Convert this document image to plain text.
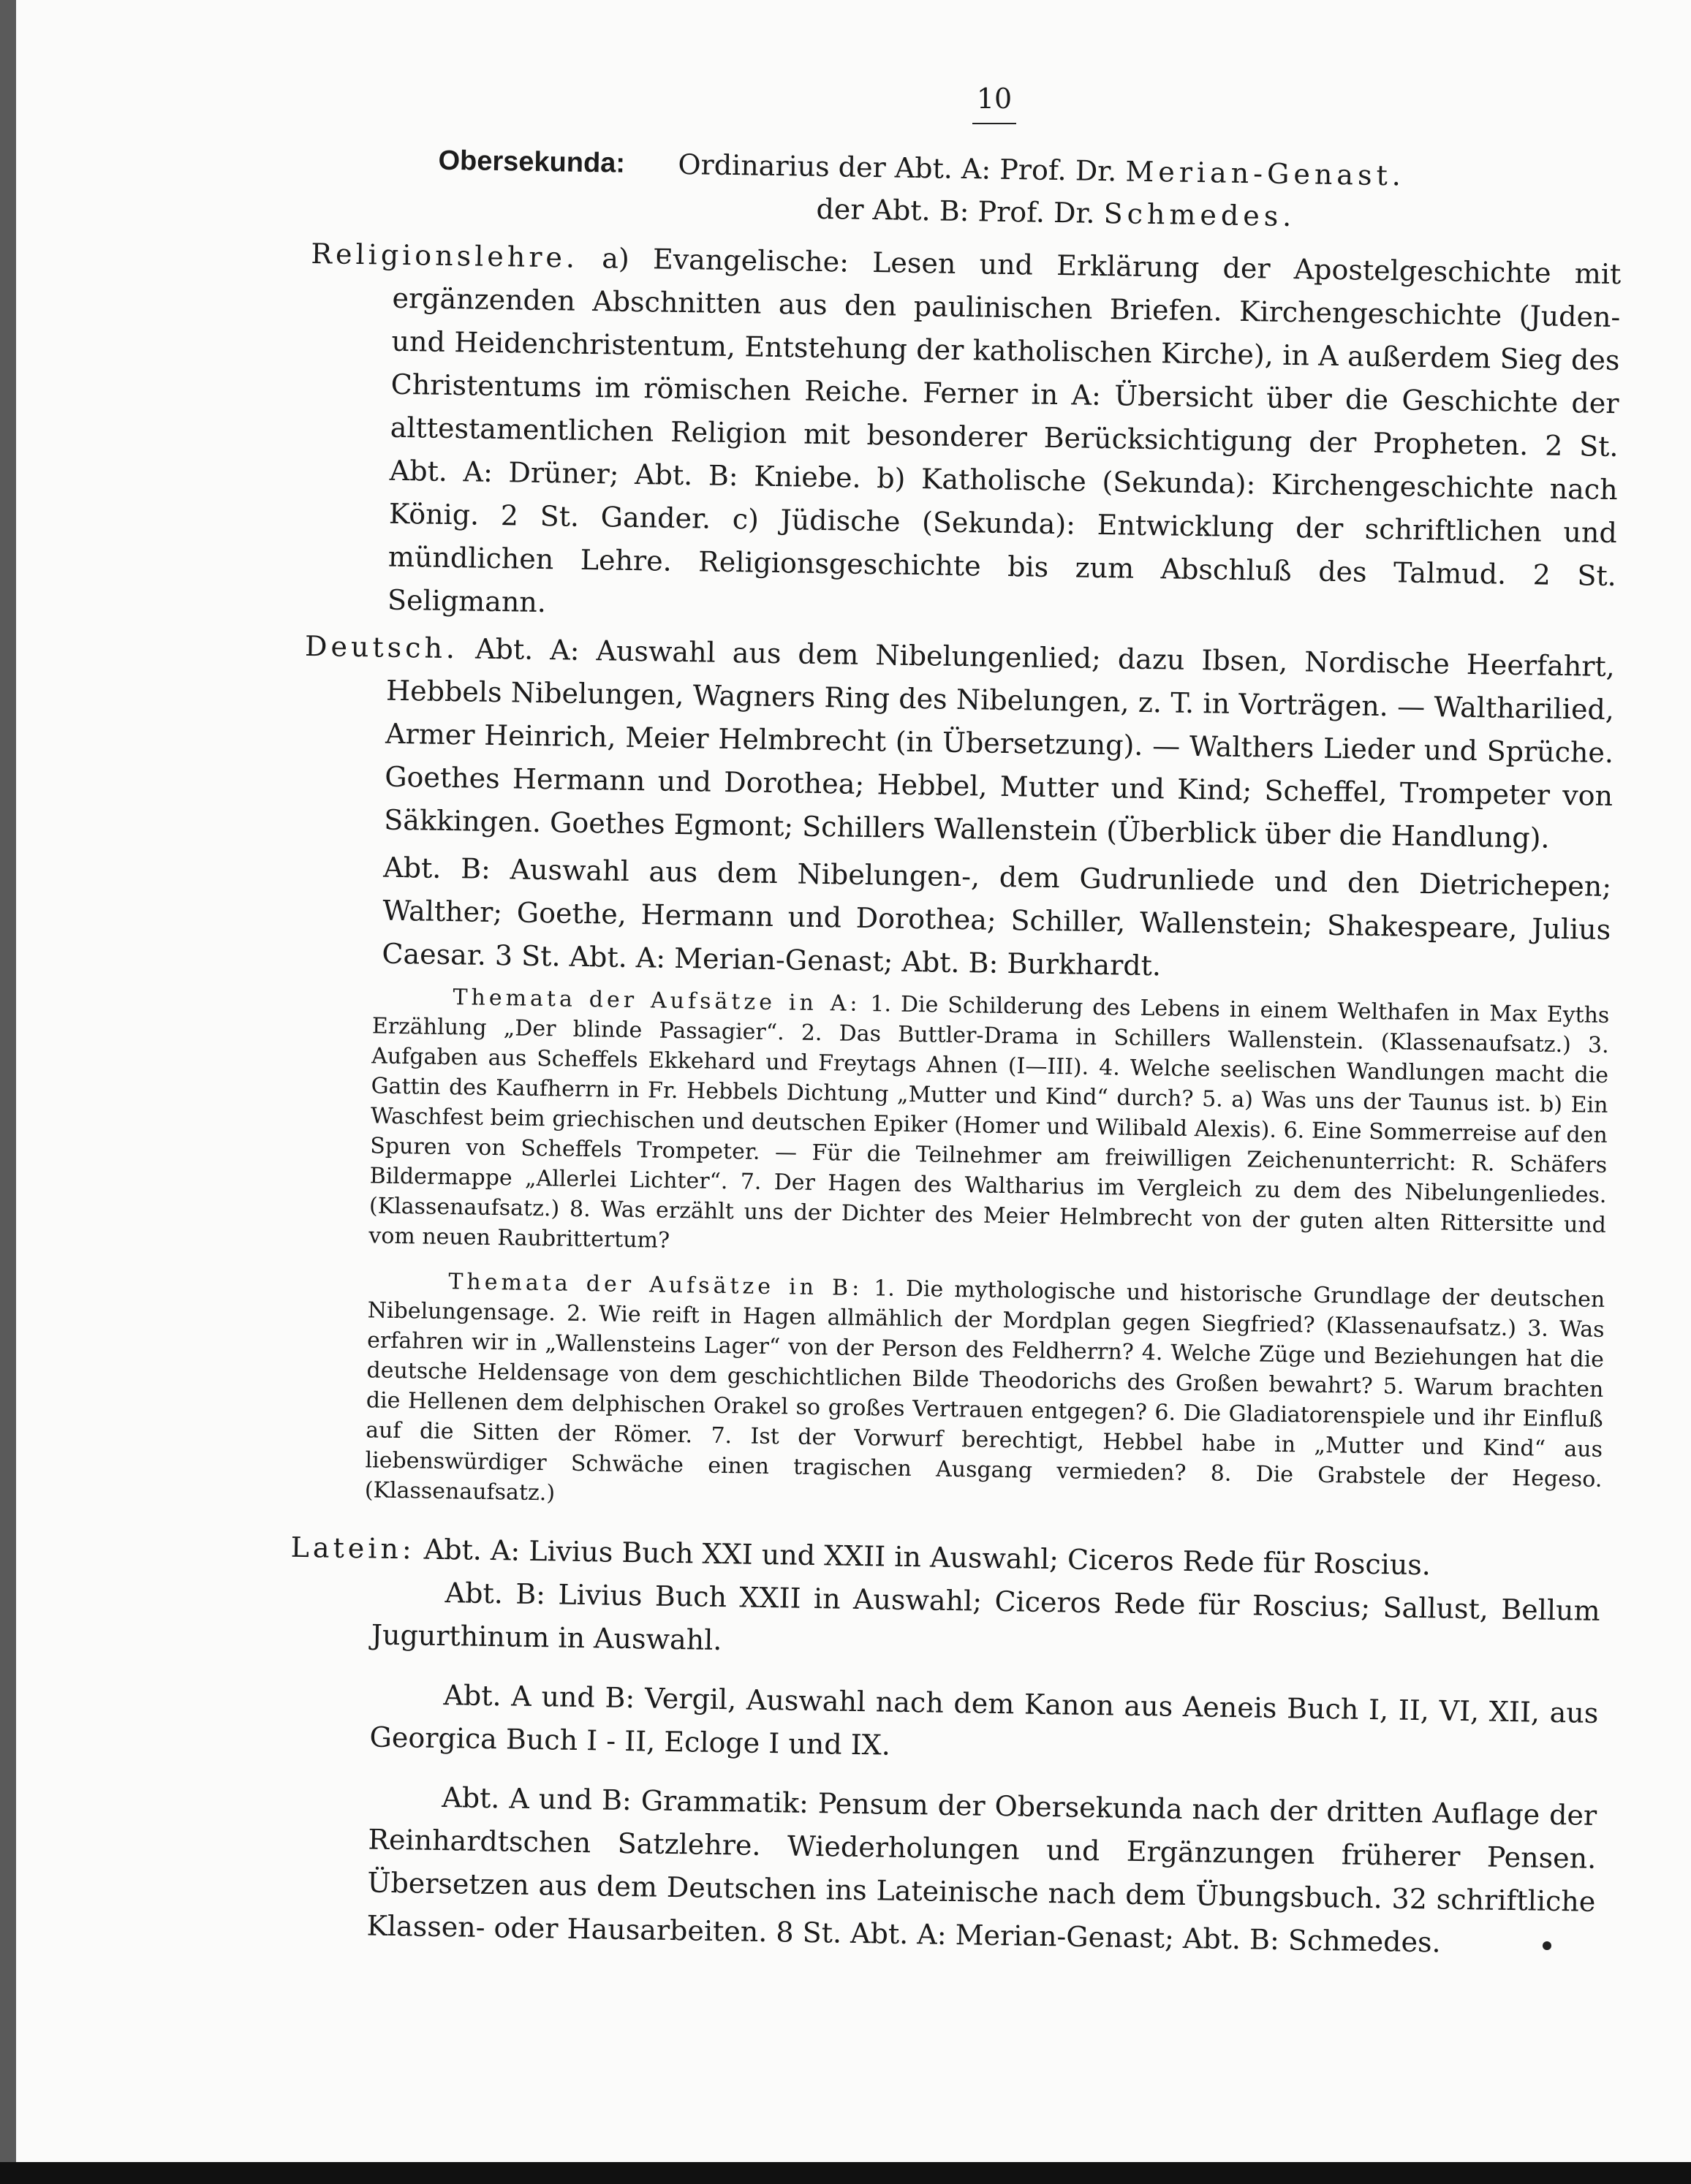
10
Obersekunda: Ordinarius der Abt. A: Prof. Dr. Merian-Genast.
der Abt. B: Prof. Dr. Schmedes.

Religionslehre. a) Evangelische: Lesen und Erklärung der Apostelgeschichte mit ergänzenden Abschnitten aus den paulinischen Briefen. Kirchengeschichte (Juden- und Heidenchristentum, Entstehung der katholischen Kirche), in A außerdem Sieg des Christentums im römischen Reiche. Ferner in A: Übersicht über die Geschichte der alttestamentlichen Religion mit besonderer Berücksichtigung der Propheten. 2 St. Abt. A: Drüner; Abt. B: Kniebe. b) Katholische (Sekunda): Kirchengeschichte nach König. 2 St. Gander. c) Jüdische (Sekunda): Entwicklung der schriftlichen und mündlichen Lehre. Religionsgeschichte bis zum Abschluß des Talmud. 2 St. Seligmann.

Deutsch. Abt. A: Auswahl aus dem Nibelungenlied; dazu Ibsen, Nordische Heerfahrt, Hebbels Nibelungen, Wagners Ring des Nibelungen, z. T. in Vorträgen. — Waltharilied, Armer Heinrich, Meier Helmbrecht (in Übersetzung). — Walthers Lieder und Sprüche. Goethes Hermann und Dorothea; Hebbel, Mutter und Kind; Scheffel, Trompeter von Säkkingen. Goethes Egmont; Schillers Wallenstein (Überblick über die Handlung).

Abt. B: Auswahl aus dem Nibelungen-, dem Gudrunliede und den Dietrichepen; Walther; Goethe, Hermann und Dorothea; Schiller, Wallenstein; Shakespeare, Julius Caesar. 3 St. Abt. A: Merian-Genast; Abt. B: Burkhardt.

Themata der Aufsätze in A: 1. Die Schilderung des Lebens in einem Welthafen in Max Eyths Erzählung „Der blinde Passagier“. 2. Das Buttler-Drama in Schillers Wallenstein. (Klassenaufsatz.) 3. Aufgaben aus Scheffels Ekkehard und Freytags Ahnen (I—III). 4. Welche seelischen Wandlungen macht die Gattin des Kaufherrn in Fr. Hebbels Dichtung „Mutter und Kind“ durch? 5. a) Was uns der Taunus ist. b) Ein Waschfest beim griechischen und deutschen Epiker (Homer und Wilibald Alexis). 6. Eine Sommerreise auf den Spuren von Scheffels Trompeter. — Für die Teilnehmer am freiwilligen Zeichenunterricht: R. Schäfers Bildermappe „Allerlei Lichter“. 7. Der Hagen des Waltharius im Vergleich zu dem des Nibelungenliedes. (Klassenaufsatz.) 8. Was erzählt uns der Dichter des Meier Helmbrecht von der guten alten Rittersitte und vom neuen Raubrittertum?

Themata der Aufsätze in B: 1. Die mythologische und historische Grundlage der deutschen Nibelungensage. 2. Wie reift in Hagen allmählich der Mordplan gegen Siegfried? (Klassenaufsatz.) 3. Was erfahren wir in „Wallensteins Lager“ von der Person des Feldherrn? 4. Welche Züge und Beziehungen hat die deutsche Heldensage von dem geschichtlichen Bilde Theodorichs des Großen bewahrt? 5. Warum brachten die Hellenen dem delphischen Orakel so großes Vertrauen entgegen? 6. Die Gladiatorenspiele und ihr Einfluß auf die Sitten der Römer. 7. Ist der Vorwurf berechtigt, Hebbel habe in „Mutter und Kind“ aus liebenswürdiger Schwäche einen tragischen Ausgang vermieden? 8. Die Grabstele der Hegeso. (Klassenaufsatz.)

Latein: Abt. A: Livius Buch XXI und XXII in Auswahl; Ciceros Rede für Roscius.

Abt. B: Livius Buch XXII in Auswahl; Ciceros Rede für Roscius; Sallust, Bellum Jugurthinum in Auswahl.

Abt. A und B: Vergil, Auswahl nach dem Kanon aus Aeneis Buch I, II, VI, XII, aus Georgica Buch I - II, Ecloge I und IX.

Abt. A und B: Grammatik: Pensum der Obersekunda nach der dritten Auflage der Reinhardtschen Satzlehre. Wiederholungen und Ergänzungen früherer Pensen. Übersetzen aus dem Deutschen ins Lateinische nach dem Übungsbuch. 32 schriftliche Klassen- oder Hausarbeiten. 8 St. Abt. A: Merian-Genast; Abt. B: Schmedes.
